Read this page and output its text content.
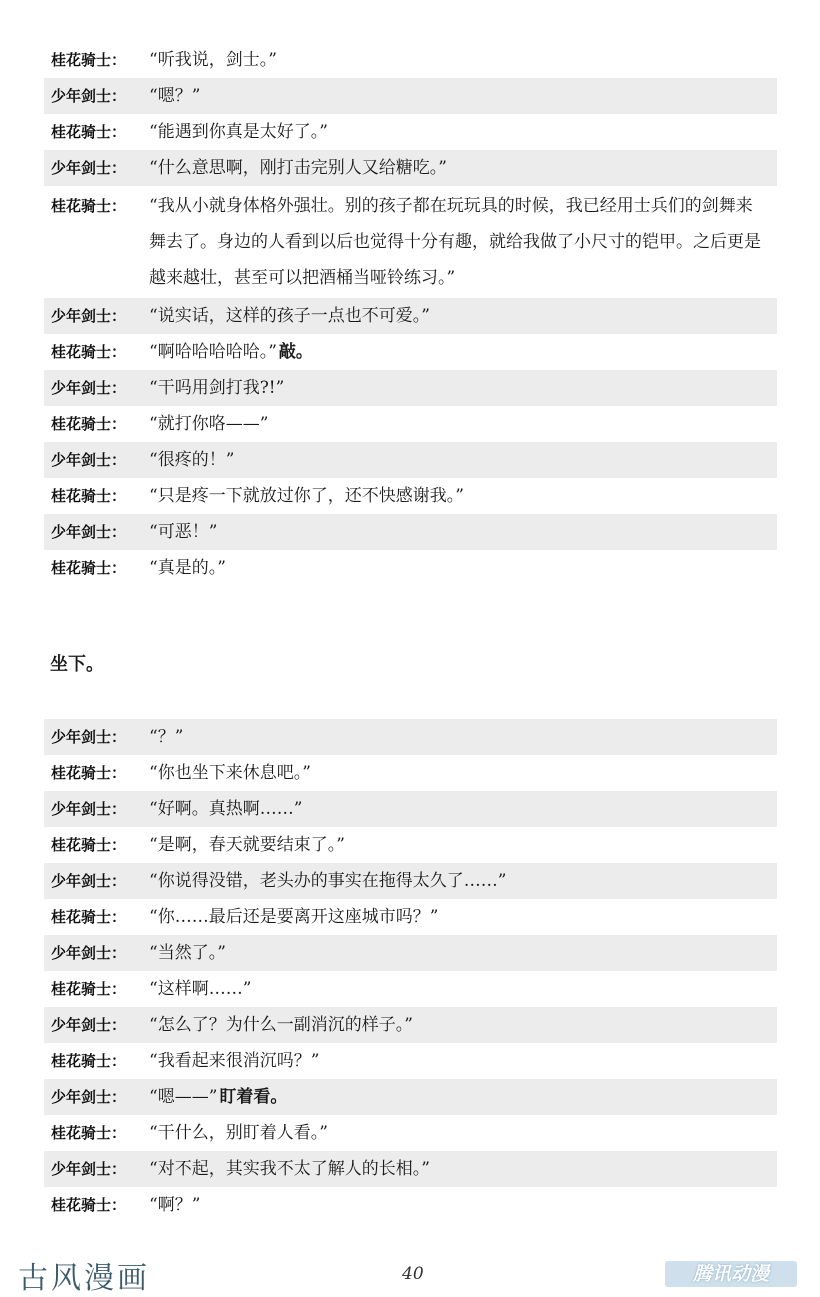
桂花骑士：	“听我说，剑士。”
少年剑士：	“嗯？”
桂花骑士：	“能遇到你真是太好了。”
少年剑士：	“什么意思啊，刚打击完别人又给糖吃。”
桂花骑士：	“我从小就身体格外强壮。别的孩子都在玩玩具的时候，我已经用士兵们的剑舞来舞去了。身边的人看到以后也觉得十分有趣，就给我做了小尺寸的铠甲。之后更是越来越壮，甚至可以把酒桶当哑铃练习。”
少年剑士：	“说实话，这样的孩子一点也不可爱。”
桂花骑士：	“啊哈哈哈哈哈。” 敲。
少年剑士：	“干吗用剑打我?!”
桂花骑士：	“就打你咯——”
少年剑士：	“很疼的！”
桂花骑士：	“只是疼一下就放过你了，还不快感谢我。”
少年剑士：	“可恶！”
桂花骑士：	“真是的。”
坐下。
少年剑士：	“？”
桂花骑士：	“你也坐下来休息吧。”
少年剑士：	“好啊。真热啊……”
桂花骑士：	“是啊，春天就要结束了。”
少年剑士：	“你说得没错，老头办的事实在拖得太久了……”
桂花骑士：	“你……最后还是要离开这座城市吗？”
少年剑士：	“当然了。”
桂花骑士：	“这样啊……”
少年剑士：	“怎么了？为什么一副消沉的样子。”
桂花骑士：	“我看起来很消沉吗？”
少年剑士：	“嗯——” 盯着看。
桂花骑士：	“干什么，别盯着人看。”
少年剑士：	“对不起，其实我不太了解人的长相。”
桂花骑士：	“啊？”
古风漫画	40	腾讯动漫
